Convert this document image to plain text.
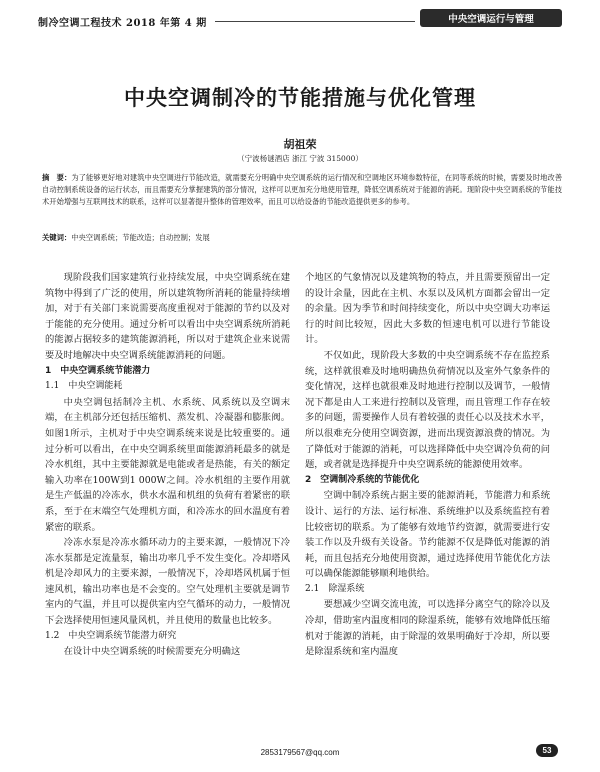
制冷空调工程技术 2018 年第 4 期	中央空调运行与管理
中央空调制冷的节能措施与优化管理
胡祖荣
（宁波杨谜酒店 浙江 宁波 315000）
摘　要：为了能够更好地对建筑中央空调进行节能改造，就需要充分明确中央空调系统的运行情况和空调地区环境参数特征，在同等系统的时候，需要及时地改善自动控制系统设备的运行状态，而且需要充分掌握建筑的部分情况，这样可以更加充分地使用管理，降低空调系统对于能源的消耗。现阶段中央空调系统的节能技术开始增强与互联网技术的联系，这样可以显著提升整体的管理效率，而且可以给设备的节能改造提供更多的参考。
关键词：中央空调系统；节能改造；自动控制；发展

现阶段我们国家建筑行业持续发展，中央空调系统在建筑物中得到了广泛的使用，所以建筑物所消耗的能量持续增加，对于有关部门来说需要高度重视对于能源的节约以及对于能能的充分使用。通过分析可以看出中央空调系统所消耗的能源占据较多的建筑能源消耗，所以对于建筑企业来说需要及时地解决中央空调系统能源消耗的问题。

1　中央空调系统节能潜力
1.1　中央空调能耗

中央空调包括制冷主机、水系统、风系统以及空调末端，在主机部分还包括压缩机、蒸发机、冷凝器和膨胀阀。如图1所示，主机对于中央空调系统来说是比较重要的。通过分析可以看出，在中央空调系统里面能源消耗最多的就是冷水机组，其中主要能源就是电能或者是热能，有关的额定输入功率在100W到1 000W之间。冷水机组的主要作用就是生产低温的冷冻水，供水水温和机组的负荷有着紧密的联系，至于在末端空气处理机方面，和冷冻水的回水温度有着紧密的联系。

冷冻水泵是冷冻水循环动力的主要来源，一般情况下冷冻水泵都是定流量泵，输出功率几乎不发生变化。冷却塔风机是冷却风力的主要来源，一般情况下，冷却塔风机属于恒速风机，输出功率也是不会变的。空气处理机主要就是调节室内的气温，并且可以提供室内空气循环的动力，一般情况下会选择使用恒速风量风机，并且使用的数量也比较多。

1.2　中央空调系统节能潜力研究

在设计中央空调系统的时候需要充分明确这

个地区的气象情况以及建筑物的特点，并且需要预留出一定的设计余量，因此在主机、水泵以及风机方面都会留出一定的余量。因为季节和时间持续变化，所以中央空调大功率运行的时间比较短，因此大多数的恒速电机可以进行节能设计。

不仅如此，现阶段大多数的中央空调系统不存在监控系统，这样就很难及时地明确热负荷情况以及室外气象条件的变化情况，这样也就很难及时地进行控制以及调节，一般情况下都是由人工来进行控制以及管理，而且管理工作存在较多的问题，需要操作人员有着较强的责任心以及技术水平，所以很难充分使用空调资源，进而出现资源浪费的情况。为了降低对于能源的消耗，可以选择降低中央空调冷负荷的问题，或者就是选择提升中央空调系统的能源使用效率。

2　空调制冷系统的节能优化

空调中制冷系统占据主要的能源消耗，节能潜力和系统设计、运行的方法、运行标准、系统维护以及系统监控有着比较密切的联系。为了能够有效地节约资源，就需要进行安装工作以及升级有关设备。节约能源不仅是降低对能源的消耗，而且包括充分地使用资源，通过选择使用节能优化方法可以确保能源能够顺利地供给。

2.1　除湿系统

要想减少空调交流电流，可以选择分离空气的除冷以及冷却，借助室内温度相同的除湿系统，能够有效地降低压缩机对于能源的消耗，由于除湿的效果明确好于冷却，所以要是除湿系统和室内温度

28531795​67@qq.com	53
